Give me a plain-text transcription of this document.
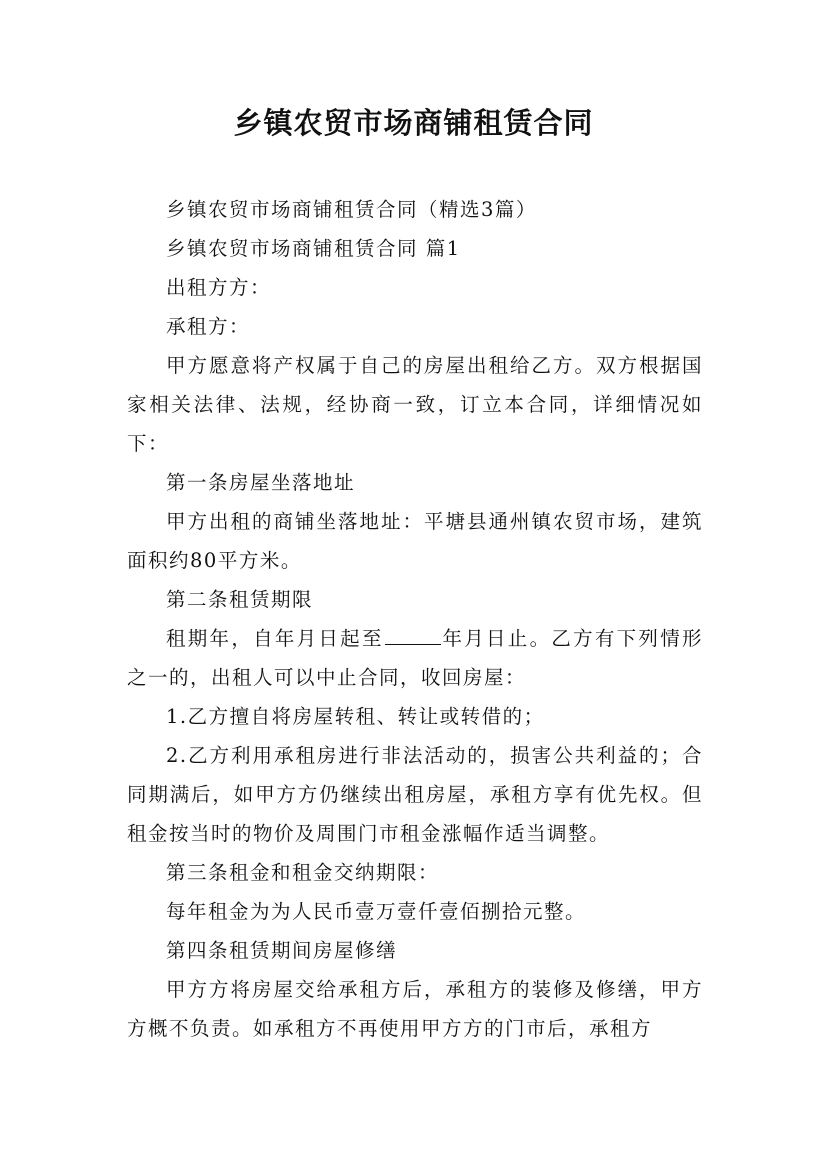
乡镇农贸市场商铺租赁合同

乡镇农贸市场商铺租赁合同（精选3篇）

乡镇农贸市场商铺租赁合同 篇1

出租方方：

承租方：

甲方愿意将产权属于自己的房屋出租给乙方。双方根据国家相关法律、法规，经协商一致，订立本合同，详细情况如下：

第一条房屋坐落地址

甲方出租的商铺坐落地址：平塘县通州镇农贸市场，建筑面积约80平方米。

第二条租赁期限

租期年，自年月日起至	年月日止。乙方有下列情形之一的，出租人可以中止合同，收回房屋：

1.乙方擅自将房屋转租、转让或转借的；

2.乙方利用承租房进行非法活动的，损害公共利益的；合同期满后，如甲方方仍继续出租房屋，承租方享有优先权。但租金按当时的物价及周围门市租金涨幅作适当调整。

第三条租金和租金交纳期限：

每年租金为为人民币壹万壹仟壹佰捌拾元整。

第四条租赁期间房屋修缮

甲方方将房屋交给承租方后，承租方的装修及修缮，甲方方概不负责。如承租方不再使用甲方方的门市后，承租方
